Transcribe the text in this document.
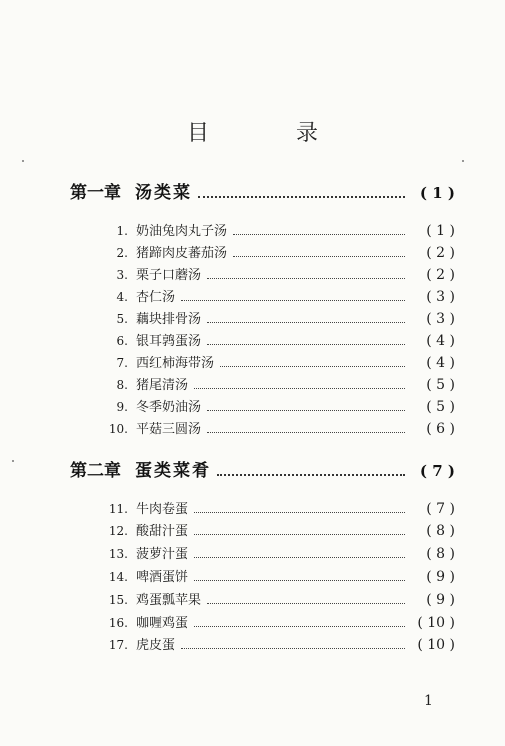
目 录
第一章 汤类菜	( 1 )
1. 奶油兔肉丸子汤	( 1 )
2. 猪蹄肉皮蕃茄汤	( 2 )
3. 栗子口蘑汤	( 2 )
4. 杏仁汤	( 3 )
5. 藕块排骨汤	( 3 )
6. 银耳鹑蛋汤	( 4 )
7. 西红柿海带汤	( 4 )
8. 猪尾清汤	( 5 )
9. 冬季奶油汤	( 5 )
10. 平菇三圆汤	( 6 )
第二章 蛋类菜肴	( 7 )
11. 牛肉卷蛋	( 7 )
12. 酸甜汁蛋	( 8 )
13. 菠萝汁蛋	( 8 )
14. 啤酒蛋饼	( 9 )
15. 鸡蛋瓢苹果	( 9 )
16. 咖喱鸡蛋	( 10 )
17. 虎皮蛋	( 10 )
1
